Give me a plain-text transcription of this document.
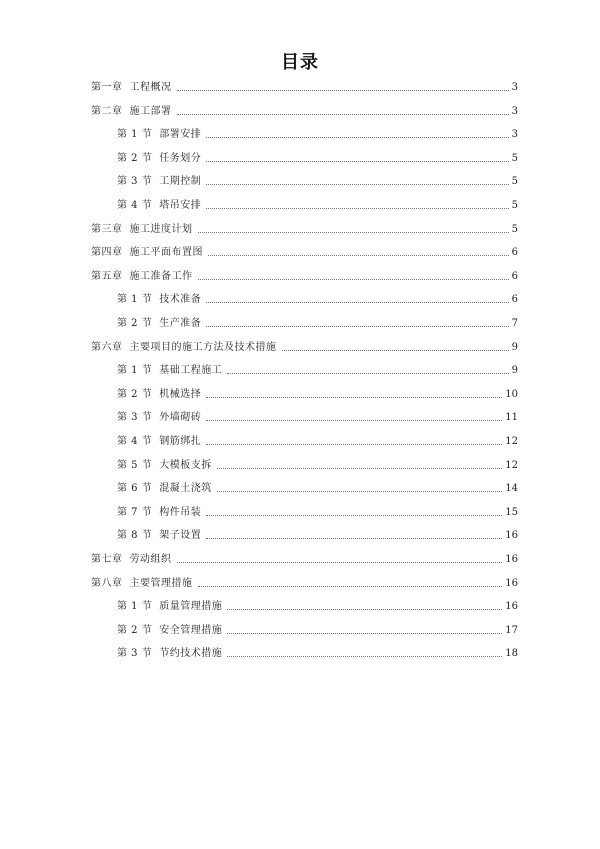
目录
第一章 工程概况	3
第二章 施工部署	3
第 1 节 部署安排	3
第 2 节 任务划分	5
第 3 节 工期控制	5
第 4 节 塔吊安排	5
第三章 施工进度计划	5
第四章 施工平面布置图	6
第五章 施工准备工作	6
第 1 节 技术准备	6
第 2 节 生产准备	7
第六章 主要项目的施工方法及技术措施	9
第 1 节 基础工程施工	9
第 2 节 机械选择	10
第 3 节 外墙砌砖	11
第 4 节 钢筋绑扎	12
第 5 节 大模板支拆	12
第 6 节 混凝土浇筑	14
第 7 节 构件吊装	15
第 8 节 架子设置	16
第七章 劳动组织	16
第八章 主要管理措施	16
第 1 节 质量管理措施	16
第 2 节 安全管理措施	17
第 3 节 节约技术措施	18
